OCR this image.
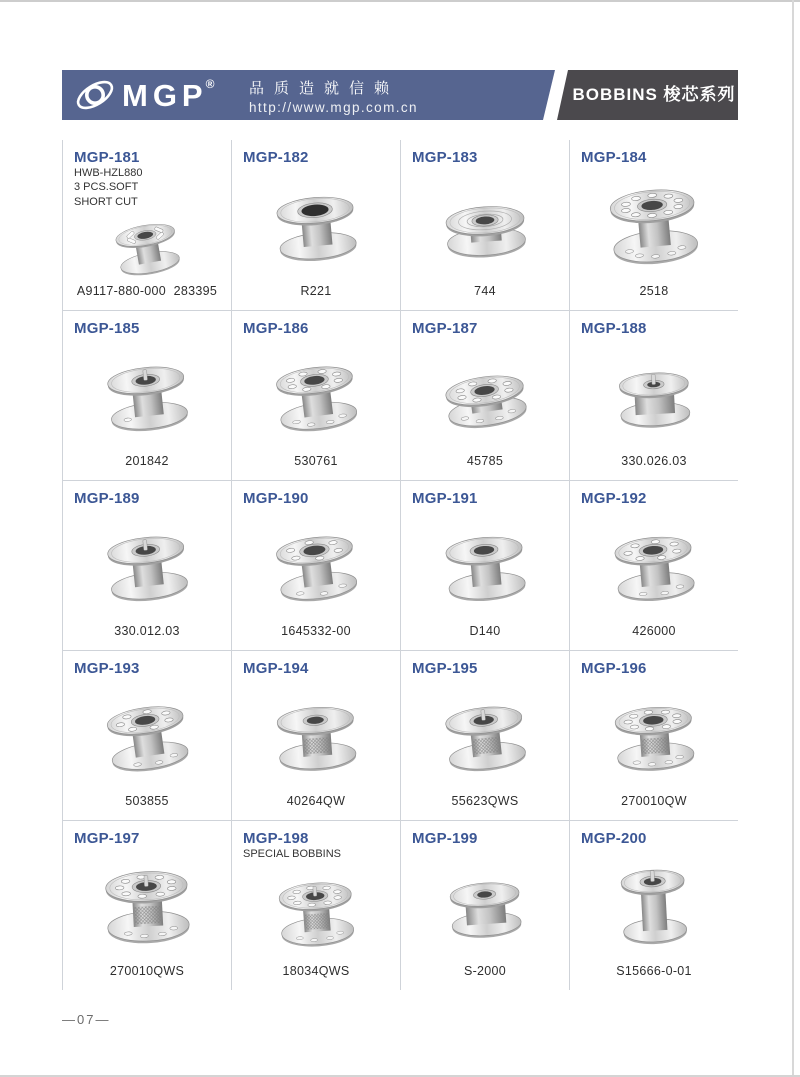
MGP
® 品质造就信赖
http://www.mgp.com.cn
BOBBINS 梭芯系列
MGP-181
HWB-HZL880
3 PCS.SOFT
SHORT CUT
A9117-880-000  283395
MGP-182
R221
MGP-183
744
MGP-184
2518
MGP-185
201842
MGP-186
530761
MGP-187
45785
MGP-188
330.026.03
MGP-189
330.012.03
MGP-190
1645332-00
MGP-191
D140
MGP-192
426000
MGP-193
503855
MGP-194
40264QW
MGP-195
55623QWS
MGP-196
270010QW
MGP-197
270010QWS
MGP-198
SPECIAL BOBBINS
18034QWS
MGP-199
S-2000
MGP-200
S15666-0-01
—07—
